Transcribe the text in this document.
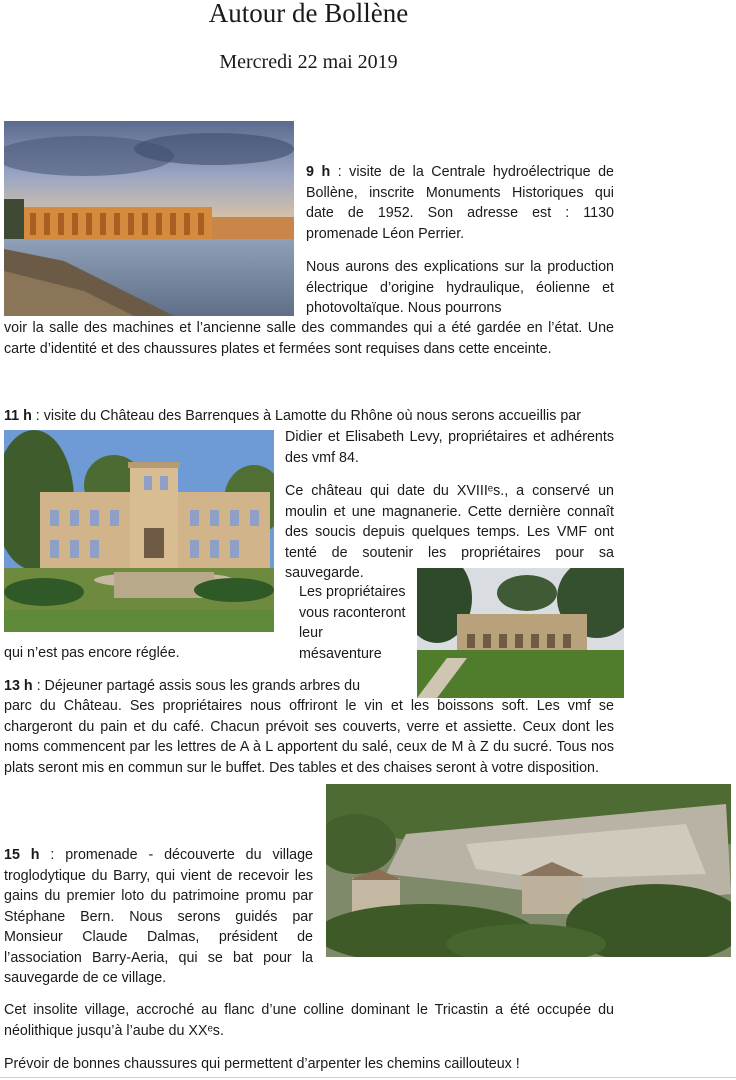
Autour de Bollène
Mercredi 22 mai 2019

9 h : visite de la Centrale hydroélectrique de Bollène, inscrite Monuments Historiques qui date de 1952. Son adresse est : 1130 promenade Léon Perrier.

Nous aurons des explications sur la production électrique d’origine hydraulique, éolienne et photovoltaïque. Nous pourrons

voir la salle des machines et l’ancienne salle des commandes qui a été gardée en l’état. Une carte d’identité et des chaussures plates et fermées sont requises dans cette enceinte.

11 h : visite du Château des Barrenques à Lamotte du Rhône où nous serons accueillis par

Didier et Elisabeth Levy, propriétaires et adhérents des vmf 84.

Ce château qui date du XVIIIᵉs., a conservé un moulin et une magnanerie. Cette dernière connaît des soucis depuis quelques temps. Les VMF ont tenté de soutenir les propriétaires pour sa sauvegarde.

Les propriétaires vous raconteront leur mésaventure

qui n’est pas encore réglée.

13 h : Déjeuner partagé assis sous les grands arbres du

parc du Château. Ses propriétaires nous offriront le vin et les boissons soft. Les vmf se chargeront du pain et du café. Chacun prévoit ses couverts, verre et assiette. Ceux dont les noms commencent par les lettres de A à L apportent du salé, ceux de M à Z du sucré. Tous nos plats seront mis en commun sur le buffet. Des tables et des chaises seront à votre disposition.

15 h : promenade - découverte du village troglodytique du Barry, qui vient de recevoir les gains du premier loto du patrimoine promu par Stéphane Bern. Nous serons guidés par Monsieur Claude Dalmas, président de l’association Barry-Aeria, qui se bat pour la sauvegarde de ce village.

Cet insolite village, accroché au flanc d’une colline dominant le Tricastin a été occupée du néolithique jusqu’à l’aube du XXᵉs.

Prévoir de bonnes chaussures qui permettent d’arpenter les chemins caillouteux !
